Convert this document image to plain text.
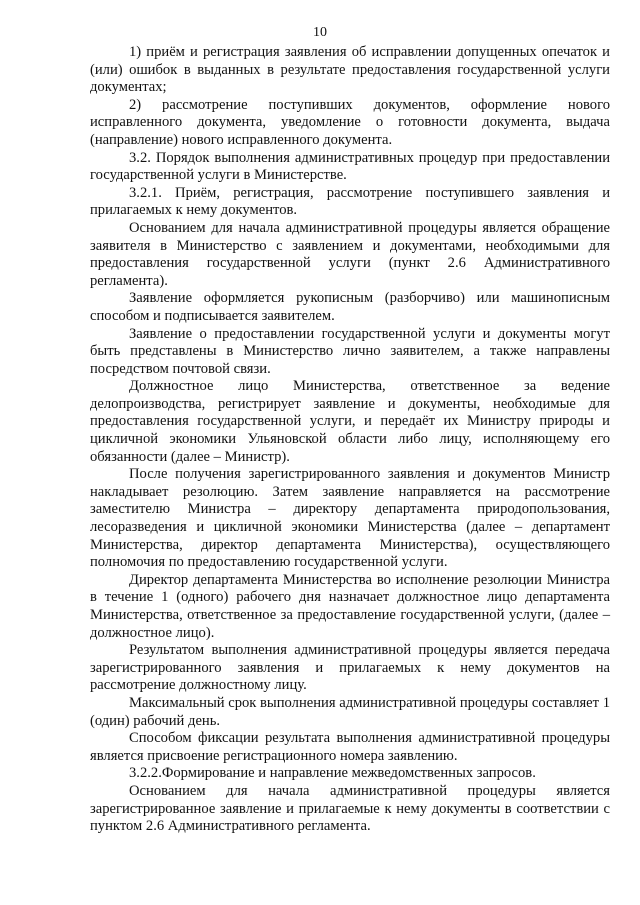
10

1) приём и регистрация заявления об исправлении допущенных опечаток и (или) ошибок в выданных в результате предоставления государственной услуги документах;

2) рассмотрение поступивших документов, оформление нового исправленного документа, уведомление о готовности документа, выдача (направление) нового исправленного документа.

3.2. Порядок выполнения административных процедур при предоставлении государственной услуги в Министерстве.

3.2.1. Приём, регистрация, рассмотрение поступившего заявления и прилагаемых к нему документов.

Основанием для начала административной процедуры является обращение заявителя в Министерство с заявлением и документами, необходимыми для предоставления государственной услуги (пункт 2.6 Административного регламента).

Заявление оформляется рукописным (разборчиво) или машинописным способом и подписывается заявителем.

Заявление о предоставлении государственной услуги и документы могут быть представлены в Министерство лично заявителем, а также направлены посредством почтовой связи.

Должностное лицо Министерства, ответственное за ведение делопроизводства, регистрирует заявление и документы, необходимые для предоставления государственной услуги, и передаёт их Министру природы и цикличной экономики Ульяновской области либо лицу, исполняющему его обязанности (далее – Министр).

После получения зарегистрированного заявления и документов Министр накладывает резолюцию. Затем заявление направляется на рассмотрение заместителю Министра – директору департамента природопользования, лесоразведения и цикличной экономики Министерства (далее – департамент Министерства, директор департамента Министерства), осуществляющего полномочия по предоставлению государственной услуги.

Директор департамента Министерства во исполнение резолюции Министра в течение 1 (одного) рабочего дня назначает должностное лицо департамента Министерства, ответственное за предоставление государственной услуги, (далее – должностное лицо).

Результатом выполнения административной процедуры является передача зарегистрированного заявления и прилагаемых к нему документов на рассмотрение должностному лицу.

Максимальный срок выполнения административной процедуры составляет 1 (один) рабочий день.

Способом фиксации результата выполнения административной процедуры является присвоение регистрационного номера заявлению.

3.2.2.Формирование и направление межведомственных запросов.

Основанием для начала административной процедуры является зарегистрированное заявление и прилагаемые к нему документы в соответствии с пунктом 2.6 Административного регламента.
